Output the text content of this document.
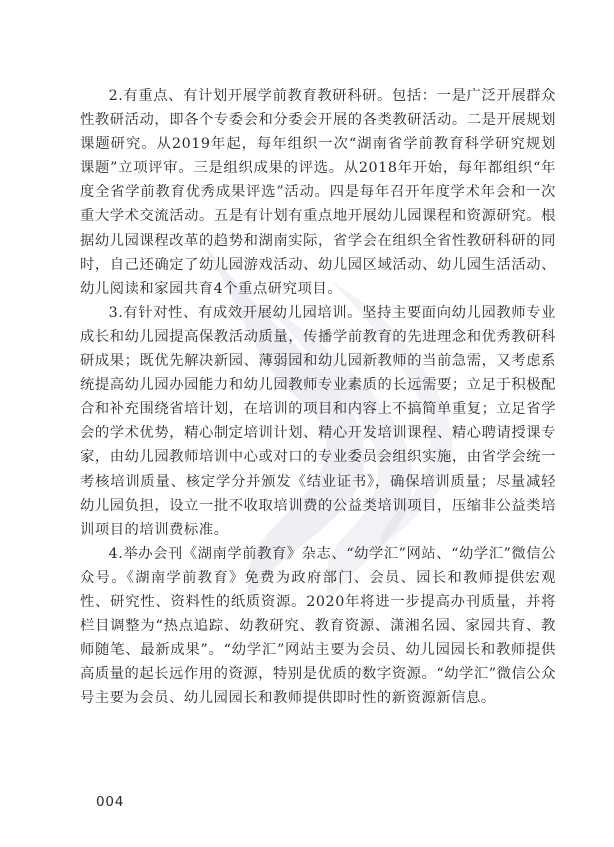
2.有重点、有计划开展学前教育教研科研。包括：一是广泛开展群众性教研活动，即各个专委会和分委会开展的各类教研活动。二是开展规划课题研究。从2019年起，每年组织一次“湖南省学前教育科学研究规划课题”立项评审。三是组织成果的评选。从2018年开始，每年都组织“年度全省学前教育优秀成果评选”活动。四是每年召开年度学术年会和一次重大学术交流活动。五是有计划有重点地开展幼儿园课程和资源研究。根据幼儿园课程改革的趋势和湖南实际，省学会在组织全省性教研科研的同时，自己还确定了幼儿园游戏活动、幼儿园区域活动、幼儿园生活活动、幼儿阅读和家园共育4个重点研究项目。

3.有针对性、有成效开展幼儿园培训。坚持主要面向幼儿园教师专业成长和幼儿园提高保教活动质量，传播学前教育的先进理念和优秀教研科研成果；既优先解决新园、薄弱园和幼儿园新教师的当前急需，又考虑系统提高幼儿园办园能力和幼儿园教师专业素质的长远需要；立足于积极配合和补充围绕省培计划，在培训的项目和内容上不搞简单重复；立足省学会的学术优势，精心制定培训计划、精心开发培训课程、精心聘请授课专家，由幼儿园教师培训中心或对口的专业委员会组织实施，由省学会统一考核培训质量、核定学分并颁发《结业证书》，确保培训质量；尽量减轻幼儿园负担，设立一批不收取培训费的公益类培训项目，压缩非公益类培训项目的培训费标准。

4.举办会刊《湖南学前教育》杂志、“幼学汇”网站、“幼学汇”微信公众号。《湖南学前教育》免费为政府部门、会员、园长和教师提供宏观性、研究性、资料性的纸质资源。2020年将进一步提高办刊质量，并将栏目调整为“热点追踪、幼教研究、教育资源、潇湘名园、家园共育、教师随笔、最新成果”。“幼学汇”网站主要为会员、幼儿园园长和教师提供高质量的起长远作用的资源，特别是优质的数字资源。“幼学汇”微信公众号主要为会员、幼儿园园长和教师提供即时性的新资源新信息。

004
